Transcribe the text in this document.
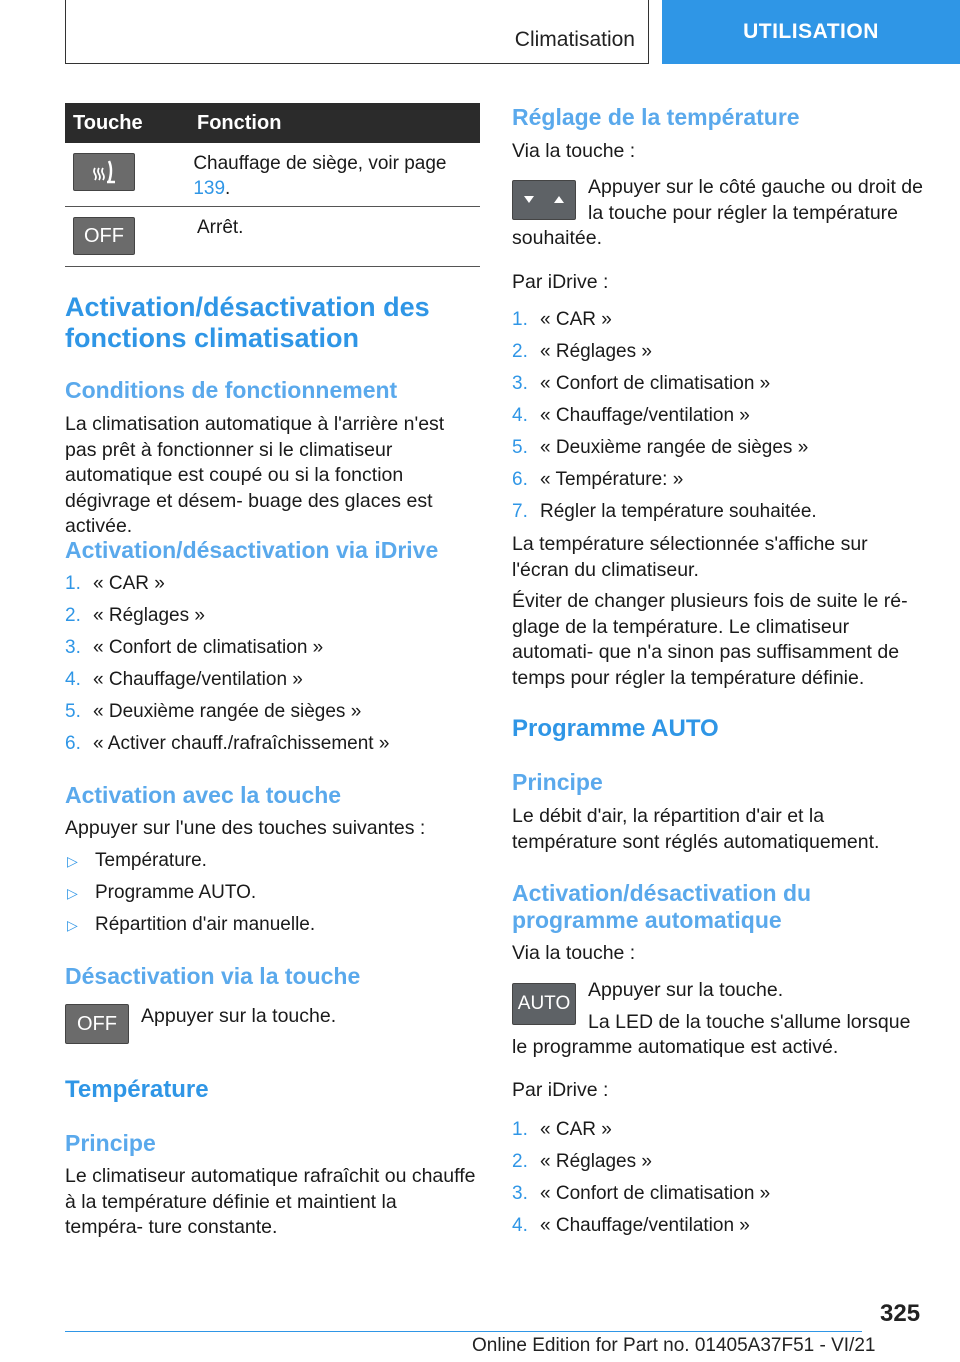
Climatisation	UTILISATION
Touche	Fonction
Chauffage de siège, voir page 139.
OFF	Arrêt.
Activation/désactivation des fonctions climatisation
Conditions de fonctionnement

La climatisation automatique à l'arrière n'est pas prêt à fonctionner si le climatiseur automatique est coupé ou si la fonction dégivrage et désem‐ buage des glaces est activée.

Activation/désactivation via iDrive
1. « CAR »
2. « Réglages »
3. « Confort de climatisation »
4. « Chauffage/ventilation »
5. « Deuxième rangée de sièges »
6. « Activer chauff./rafraîchissement »
Activation avec la touche

Appuyer sur l'une des touches suivantes :

▷ Température.
▷ Programme AUTO.
▷ Répartition d'air manuelle.
Désactivation via la touche
OFF	Appuyer sur la touche.

Température
Principe

Le climatiseur automatique rafraîchit ou chauffe à la température définie et maintient la tempéra‐ ture constante.

Réglage de la température

Via la touche :

Appuyer sur le côté gauche ou droit de la touche pour régler la température souhaitée.

Par iDrive :

1. « CAR »
2. « Réglages »
3. « Confort de climatisation »
4. « Chauffage/ventilation »
5. « Deuxième rangée de sièges »
6. « Température: »
7. Régler la température souhaitée.

La température sélectionnée s'affiche sur l'écran du climatiseur.

Éviter de changer plusieurs fois de suite le ré‐ glage de la température. Le climatiseur automati‐ que n'a sinon pas suffisamment de temps pour régler la température définie.

Programme AUTO
Principe

Le débit d'air, la répartition d'air et la température sont réglés automatiquement.

Activation/désactivation du programme automatique

Via la touche :

AUTO

Appuyer sur la touche.

La LED de la touche s'allume lorsque le programme automatique est activé.

Par iDrive :

1. « CAR »
2. « Réglages »
3. « Confort de climatisation »
4. « Chauffage/ventilation »
325
Online Edition for Part no. 01405A37F51 - VI/21
